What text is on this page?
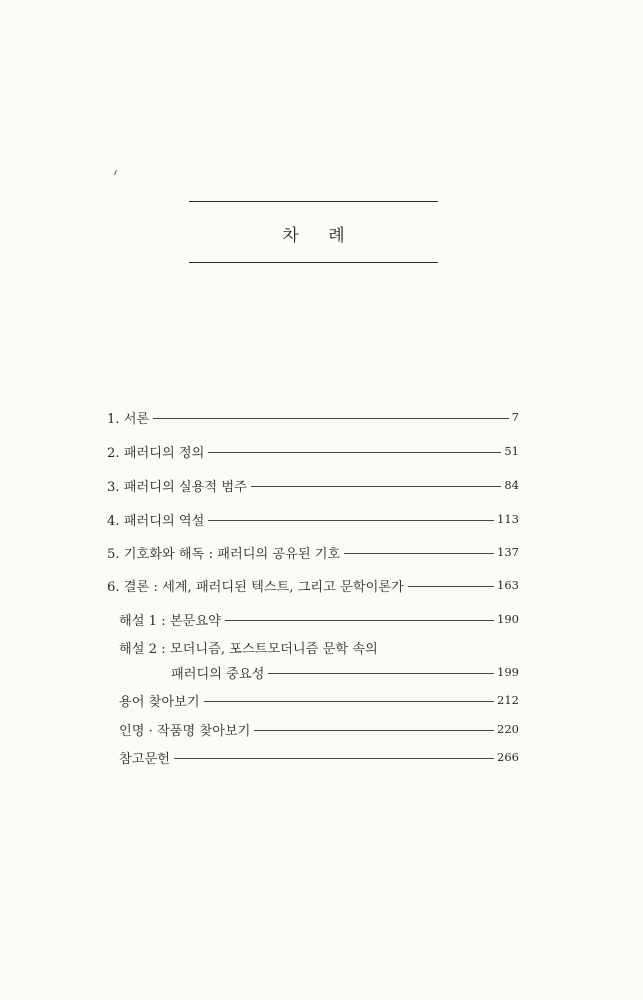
차 례
1. 서론	7
2. 패러디의 정의	51
3. 패러디의 실용적 범주	84
4. 패러디의 역설	113
5. 기호화와 해독 : 패러디의 공유된 기호	137
6. 결론 : 세계, 패러디된 텍스트, 그리고 문학이론가	163
해설 1 : 본문요약	190
해설 2 : 모더니즘, 포스트모더니즘 문학 속의
패러디의 중요성	199
용어 찾아보기	212
인명 · 작품명 찾아보기	220
참고문헌	266
